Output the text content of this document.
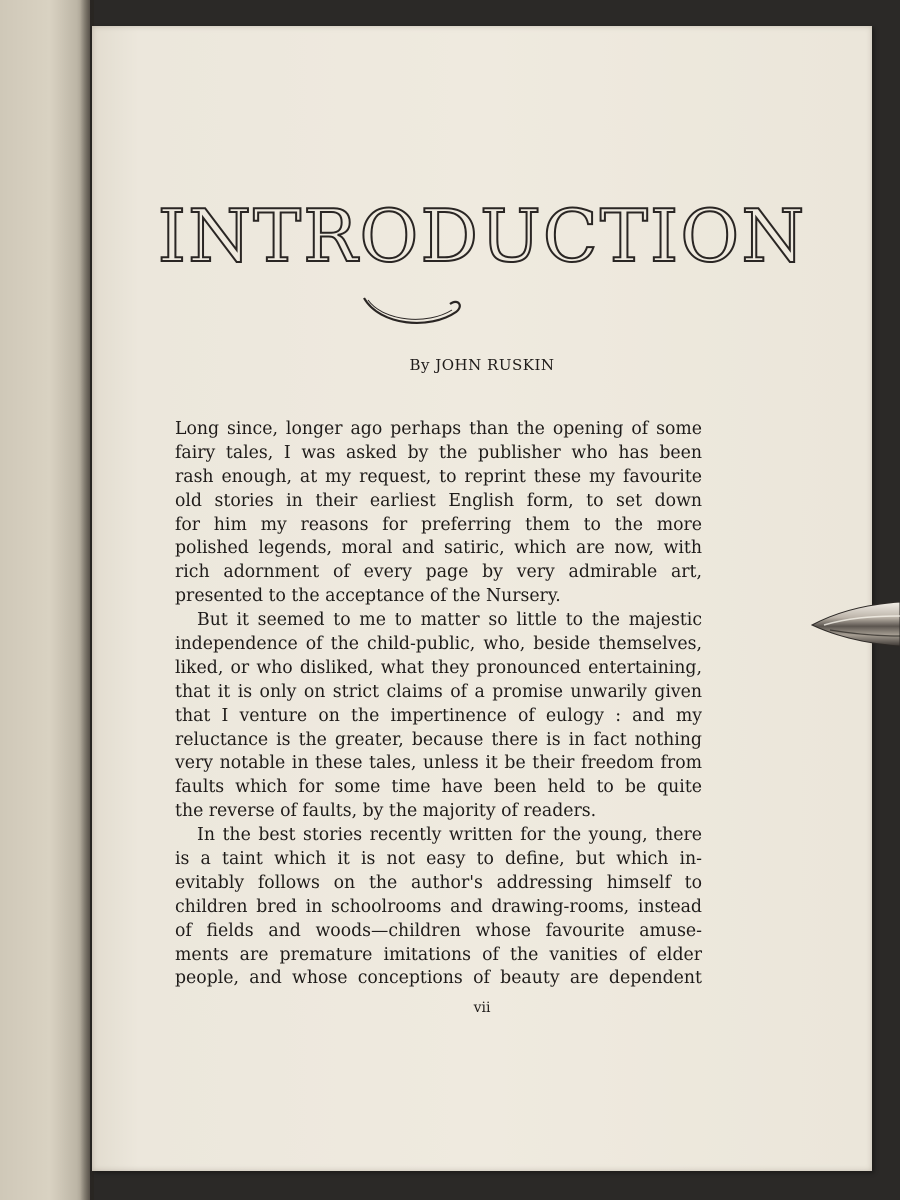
INTRODUCTION
By JOHN RUSKIN
Long since, longer ago perhaps than the opening of some
fairy tales, I was asked by the publisher who has been
rash enough, at my request, to reprint these my favourite
old stories in their earliest English form, to set down
for him my reasons for preferring them to the more
polished legends, moral and satiric, which are now, with
rich adornment of every page by very admirable art,
presented to the acceptance of the Nursery.
But it seemed to me to matter so little to the majestic
independence of the child-public, who, beside themselves,
liked, or who disliked, what they pronounced entertaining,
that it is only on strict claims of a promise unwarily given
that I venture on the impertinence of eulogy : and my
reluctance is the greater, because there is in fact nothing
very notable in these tales, unless it be their freedom from
faults which for some time have been held to be quite
the reverse of faults, by the majority of readers.
In the best stories recently written for the young, there
is a taint which it is not easy to define, but which in-
evitably follows on the author's addressing himself to
children bred in schoolrooms and drawing-rooms, instead
of fields and woods—children whose favourite amuse-
ments are premature imitations of the vanities of elder
people, and whose conceptions of beauty are dependent
vii
